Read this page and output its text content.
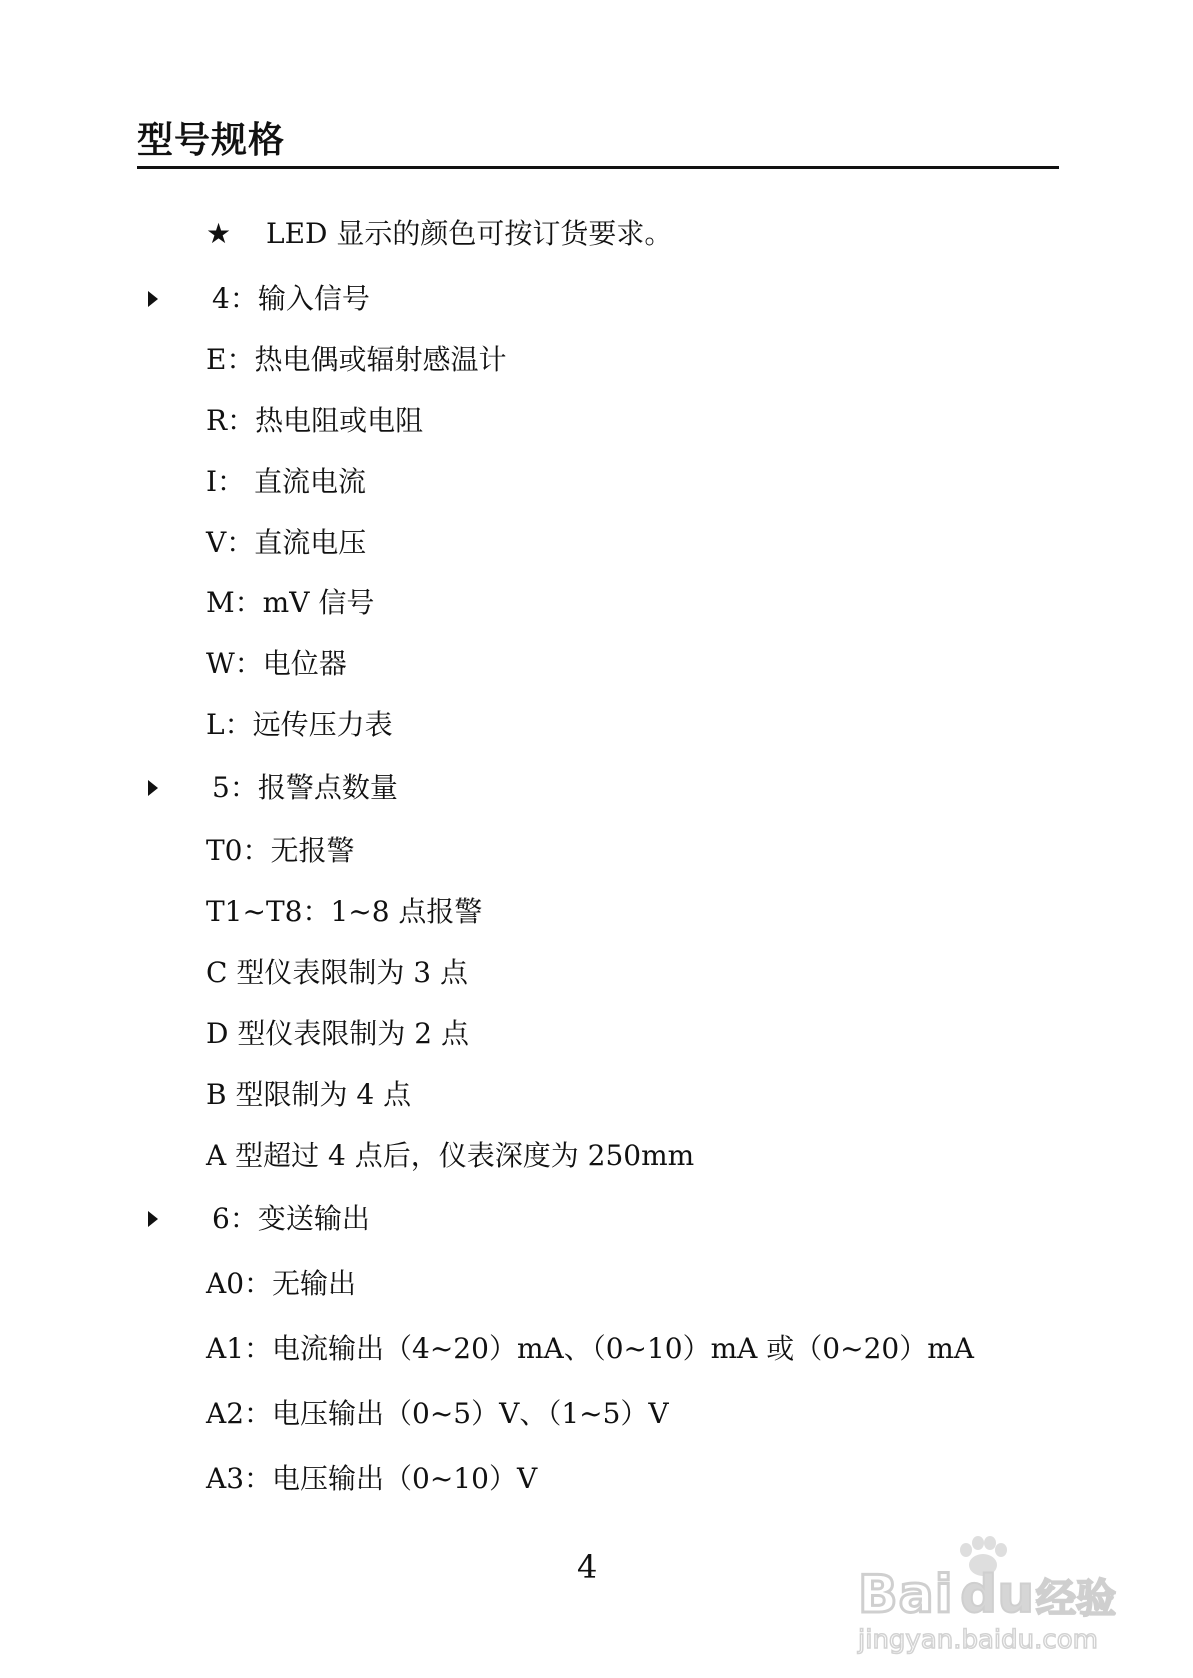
型号规格
★ LED 显示的颜色可按订货要求。
4：输入信号
E：热电偶或辐射感温计
R：热电阻或电阻
I： 直流电流
V：直流电压
M：mV 信号
W：电位器
L：远传压力表
5：报警点数量
T0：无报警
T1~T8：1~8 点报警
C 型仪表限制为 3 点
D 型仪表限制为 2 点
B 型限制为 4 点
A 型超过 4 点后，仪表深度为 250mm
6：变送输出
A0：无输出
A1：电流输出（4~20）mA、（0~10）mA 或（0~20）mA
A2：电压输出（0~5）V、（1~5）V
A3：电压输出（0~10）V
4	Bai du 经验
jingyan.baidu.com
